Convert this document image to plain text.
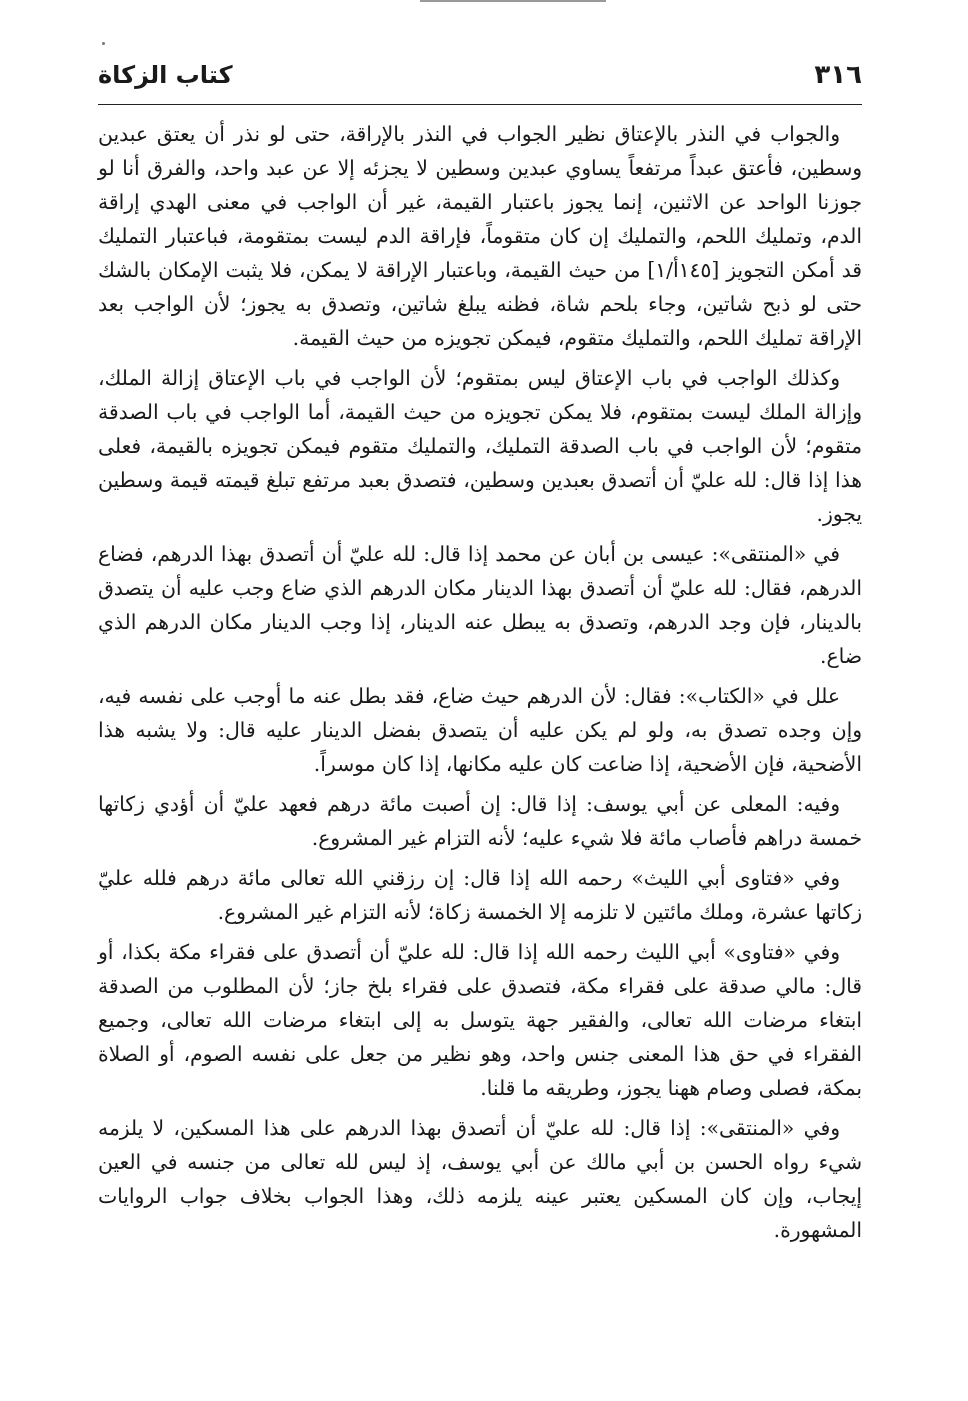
٣١٦
كتاب الزكاة

والجواب في النذر بالإعتاق نظير الجواب في النذر بالإراقة، حتى لو نذر أن يعتق عبدين وسطين، فأعتق عبداً مرتفعاً يساوي عبدين وسطين لا يجزئه إلا عن عبد واحد، والفرق أنا لو جوزنا الواحد عن الاثنين، إنما يجوز باعتبار القيمة، غير أن الواجب في معنى الهدي إراقة الدم، وتمليك اللحم، والتمليك إن كان متقوماً، فإراقة الدم ليست بمتقومة، فباعتبار التمليك قد أمكن التجويز [١٤٥أ/١] من حيث القيمة، وباعتبار الإراقة لا يمكن، فلا يثبت الإمكان بالشك حتى لو ذبح شاتين، وجاء بلحم شاة، فظنه يبلغ شاتين، وتصدق به يجوز؛ لأن الواجب بعد الإراقة تمليك اللحم، والتمليك متقوم، فيمكن تجويزه من حيث القيمة.

وكذلك الواجب في باب الإعتاق ليس بمتقوم؛ لأن الواجب في باب الإعتاق إزالة الملك، وإزالة الملك ليست بمتقوم، فلا يمكن تجويزه من حيث القيمة، أما الواجب في باب الصدقة متقوم؛ لأن الواجب في باب الصدقة التمليك، والتمليك متقوم فيمكن تجويزه بالقيمة، فعلى هذا إذا قال: لله عليّ أن أتصدق بعبدين وسطين، فتصدق بعبد مرتفع تبلغ قيمته قيمة وسطين يجوز.

في «المنتقى»: عيسى بن أبان عن محمد إذا قال: لله عليّ أن أتصدق بهذا الدرهم، فضاع الدرهم، فقال: لله عليّ أن أتصدق بهذا الدينار مكان الدرهم الذي ضاع وجب عليه أن يتصدق بالدينار، فإن وجد الدرهم، وتصدق به يبطل عنه الدينار، إذا وجب الدينار مكان الدرهم الذي ضاع.

علل في «الكتاب»: فقال: لأن الدرهم حيث ضاع، فقد بطل عنه ما أوجب على نفسه فيه، وإن وجده تصدق به، ولو لم يكن عليه أن يتصدق بفضل الدينار عليه قال: ولا يشبه هذا الأضحية، فإن الأضحية، إذا ضاعت كان عليه مكانها، إذا كان موسراً.

وفيه: المعلى عن أبي يوسف: إذا قال: إن أصبت مائة درهم فعهد عليّ أن أؤدي زكاتها خمسة دراهم فأصاب مائة فلا شيء عليه؛ لأنه التزام غير المشروع.

وفي «فتاوى أبي الليث» رحمه الله إذا قال: إن رزقني الله تعالى مائة درهم فلله عليّ زكاتها عشرة، وملك مائتين لا تلزمه إلا الخمسة زكاة؛ لأنه التزام غير المشروع.

وفي «فتاوى» أبي الليث رحمه الله إذا قال: لله عليّ أن أتصدق على فقراء مكة بكذا، أو قال: مالي صدقة على فقراء مكة، فتصدق على فقراء بلخ جاز؛ لأن المطلوب من الصدقة ابتغاء مرضات الله تعالى، والفقير جهة يتوسل به إلى ابتغاء مرضات الله تعالى، وجميع الفقراء في حق هذا المعنى جنس واحد، وهو نظير من جعل على نفسه الصوم، أو الصلاة بمكة، فصلى وصام ههنا يجوز، وطريقه ما قلنا.

وفي «المنتقى»: إذا قال: لله عليّ أن أتصدق بهذا الدرهم على هذا المسكين، لا يلزمه شيء رواه الحسن بن أبي مالك عن أبي يوسف، إذ ليس لله تعالى من جنسه في العين إيجاب، وإن كان المسكين يعتبر عينه يلزمه ذلك، وهذا الجواب بخلاف جواب الروايات المشهورة.
